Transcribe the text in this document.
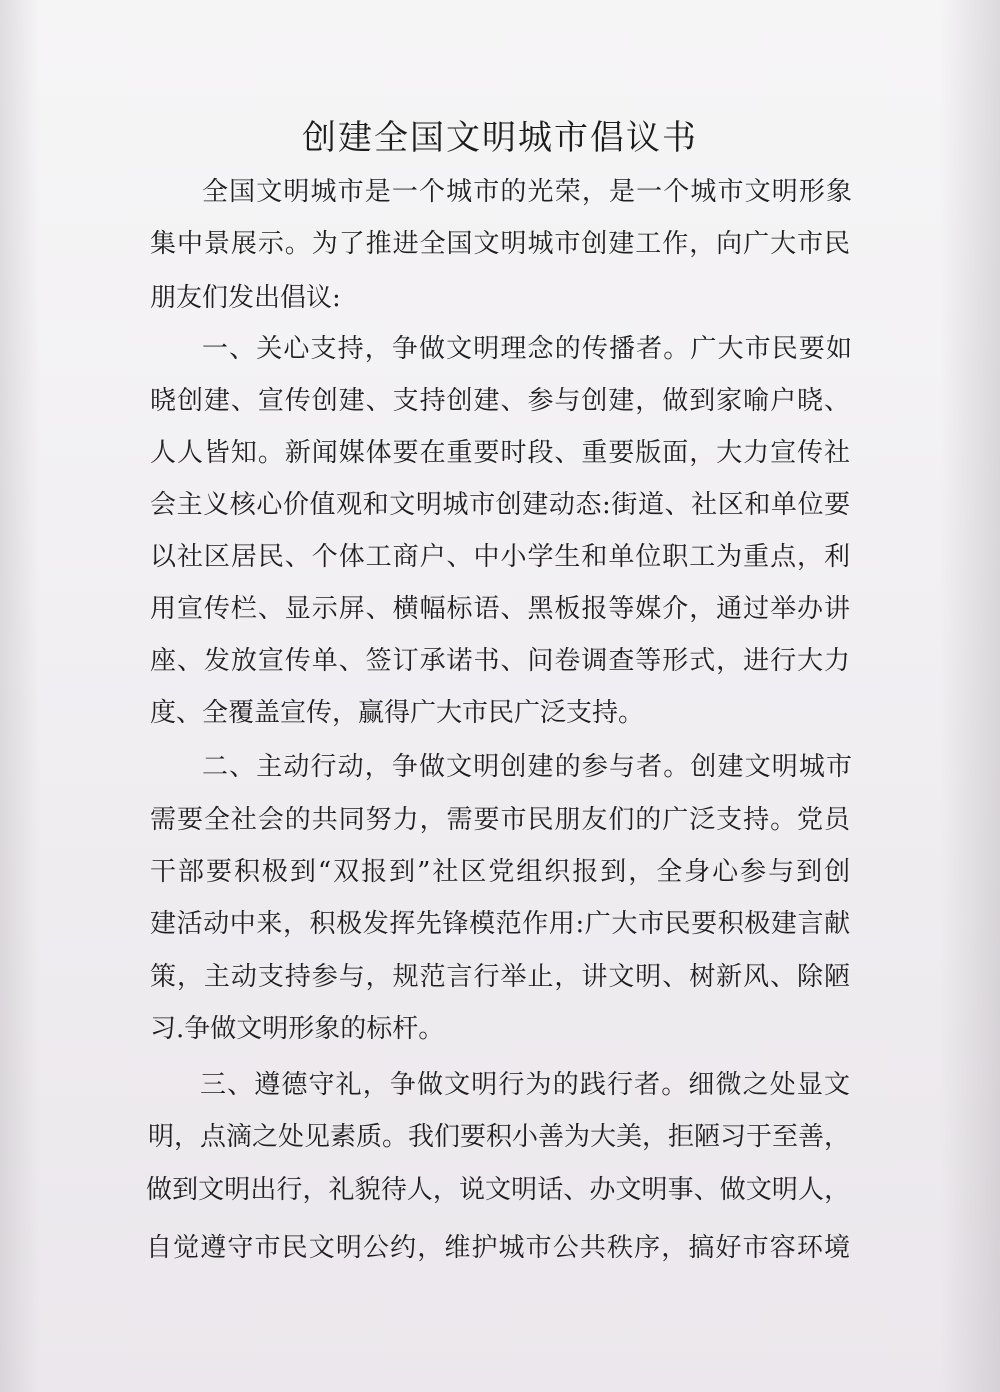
创建全国文明城市倡议书
全国文明城市是一个城市的光荣，是一个城市文明形象
集中景展示。为了推进全国文明城市创建工作，向广大市民
朋友们发出倡议:
一、关心支持，争做文明理念的传播者。广大市民要如
晓创建、宣传创建、支持创建、参与创建，做到家喻户晓、
人人皆知。新闻媒体要在重要时段、重要版面，大力宣传社
会主义核心价值观和文明城市创建动态:街道、社区和单位要
以社区居民、个体工商户、中小学生和单位职工为重点，利
用宣传栏、显示屏、横幅标语、黑板报等媒介，通过举办讲
座、发放宣传单、签订承诺书、问卷调查等形式，进行大力
度、全覆盖宣传，赢得广大市民广泛支持。
二、主动行动，争做文明创建的参与者。创建文明城市
需要全社会的共同努力，需要市民朋友们的广泛支持。党员
干部要积极到“双报到”社区党组织报到，全身心参与到创
建活动中来，积极发挥先锋模范作用:广大市民要积极建言献
策，主动支持参与，规范言行举止，讲文明、树新风、除陋
习.争做文明形象的标杆。
三、遵德守礼，争做文明行为的践行者。细微之处显文
明，点滴之处见素质。我们要积小善为大美，拒陋习于至善，
做到文明出行，礼貌待人，说文明话、办文明事、做文明人，
自觉遵守市民文明公约，维护城市公共秩序，搞好市容环境
